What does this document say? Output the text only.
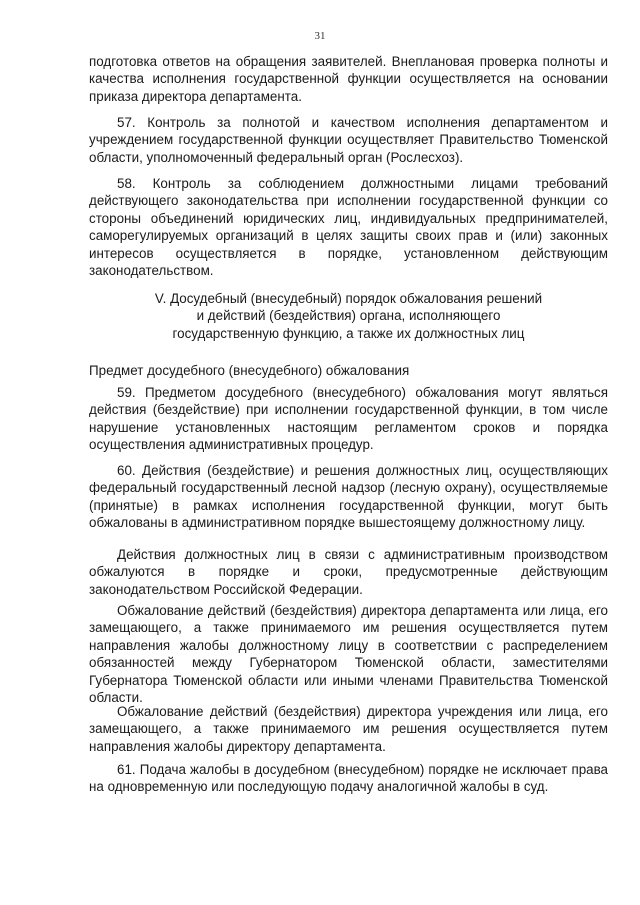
31

подготовка ответов на обращения заявителей. Внеплановая проверка полноты и качества исполнения государственной функции осуществляется на основании приказа директора департамента.

57. Контроль за полнотой и качеством исполнения департаментом и учреждением государственной функции осуществляет Правительство Тюменской области, уполномоченный федеральный орган (Рослесхоз).

58. Контроль за соблюдением должностными лицами требований действующего законодательства при исполнении государственной функции со стороны объединений юридических лиц, индивидуальных предпринимателей, саморегулируемых организаций в целях защиты своих прав и (или) законных интересов осуществляется в порядке, установленном действующим законодательством.

V. Досудебный (внесудебный) порядок обжалования решений
и действий (бездействия) органа, исполняющего
государственную функцию, а также их должностных лиц
Предмет досудебного (внесудебного) обжалования

59. Предметом досудебного (внесудебного) обжалования могут являться действия (бездействие) при исполнении государственной функции, в том числе нарушение установленных настоящим регламентом сроков и порядка осуществления административных процедур.

60. Действия (бездействие) и решения должностных лиц, осуществляющих федеральный государственный лесной надзор (лесную охрану), осуществляемые (принятые) в рамках исполнения государственной функции, могут быть обжалованы в административном порядке вышестоящему должностному лицу.

Действия должностных лиц в связи с административным производством обжалуются в порядке и сроки, предусмотренные действующим законодательством Российской Федерации.

Обжалование действий (бездействия) директора департамента или лица, его замещающего, а также принимаемого им решения осуществляется путем направления жалобы должностному лицу в соответствии с распределением обязанностей между Губернатором Тюменской области, заместителями Губернатора Тюменской области или иными членами Правительства Тюменской области.

Обжалование действий (бездействия) директора учреждения или лица, его замещающего, а также принимаемого им решения осуществляется путем направления жалобы директору департамента.

61. Подача жалобы в досудебном (внесудебном) порядке не исключает права на одновременную или последующую подачу аналогичной жалобы в суд.
